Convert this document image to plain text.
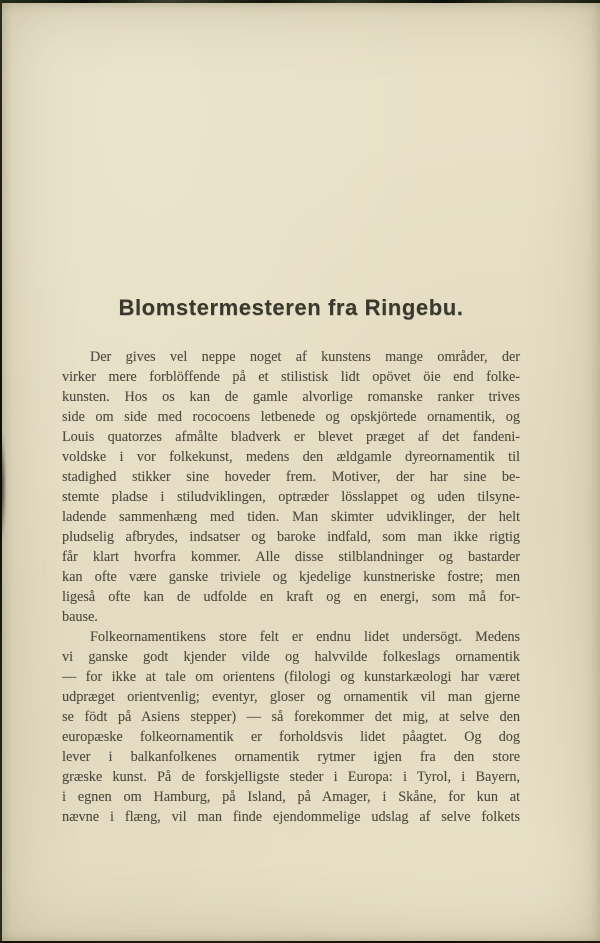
Blomstermesteren fra Ringebu.
Der gives vel neppe noget af kunstens mange områder, der
virker mere forblöffende på et stilistisk lidt opövet öie end folke-
kunsten. Hos os kan de gamle alvorlige romanske ranker trives
side om side med rococoens letbenede og opskjörtede ornamentik, og
Louis quatorzes afmålte bladverk er blevet præget af det fandeni-
voldske i vor folkekunst, medens den ældgamle dyreornamentik til
stadighed stikker sine hoveder frem. Motiver, der har sine be-
stemte pladse i stiludviklingen, optræder lösslappet og uden tilsyne-
ladende sammenhæng med tiden. Man skimter udviklinger, der helt
pludselig afbrydes, indsatser og baroke indfald, som man ikke rigtig
får klart hvorfra kommer. Alle disse stilblandninger og bastarder
kan ofte være ganske triviele og kjedelige kunstneriske fostre; men
ligeså ofte kan de udfolde en kraft og en energi, som må for-
bause.
Folkeornamentikens store felt er endnu lidet undersögt. Medens
vi ganske godt kjender vilde og halvvilde folkeslags ornamentik
— for ikke at tale om orientens (filologi og kunstarkæologi har været
udpræget orientvenlig; eventyr, gloser og ornamentik vil man gjerne
se födt på Asiens stepper) — så forekommer det mig, at selve den
europæske folkeornamentik er forholdsvis lidet påagtet. Og dog
lever i balkanfolkenes ornamentik rytmer igjen fra den store
græske kunst. På de forskjelligste steder i Europa: i Tyrol, i Bayern,
i egnen om Hamburg, på Island, på Amager, i Skåne, for kun at
nævne i flæng, vil man finde ejendommelige udslag af selve folkets
